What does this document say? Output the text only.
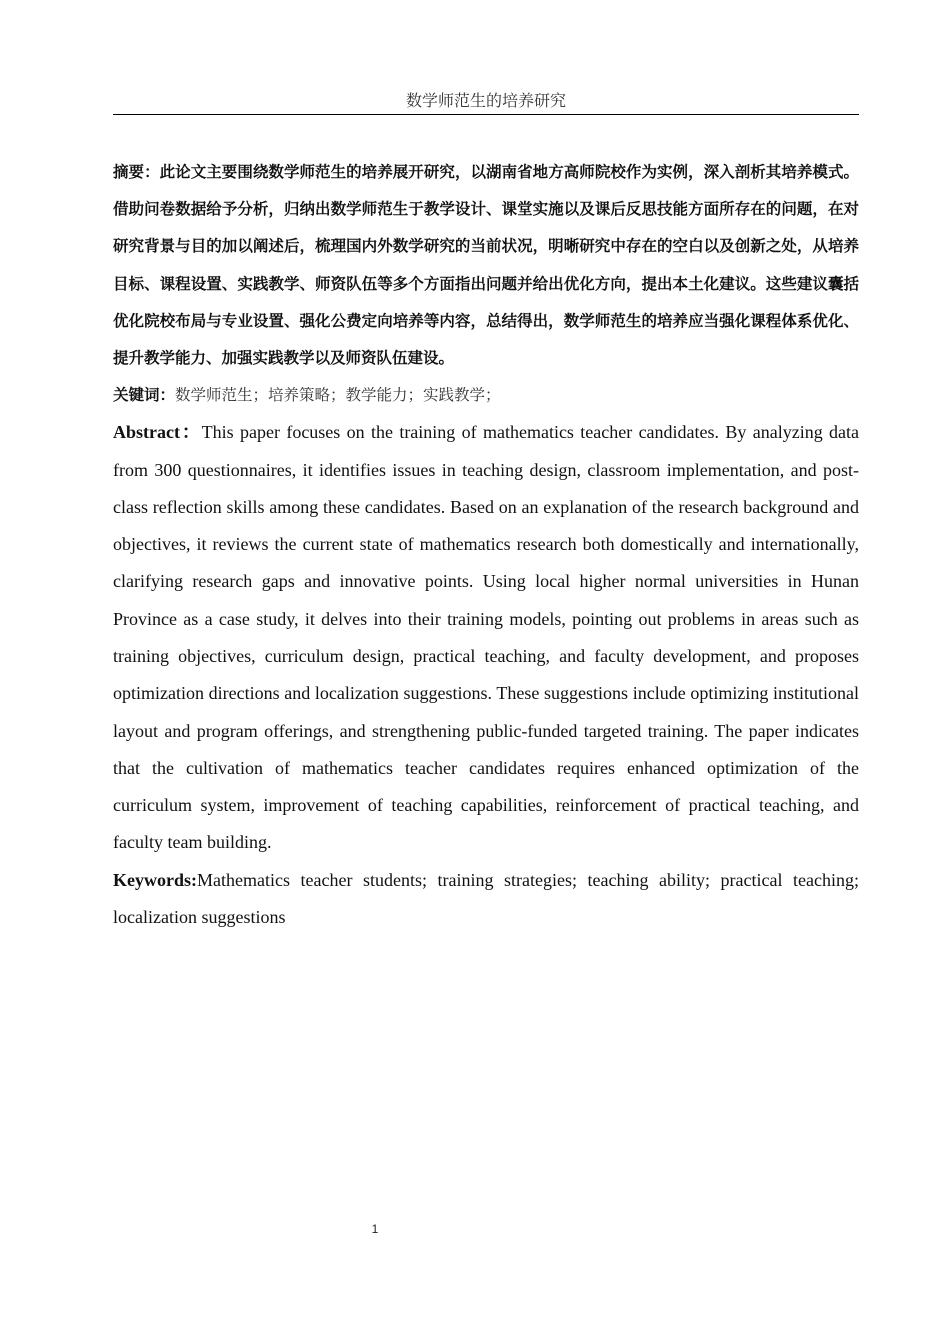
数学师范生的培养研究

摘要：此论文主要围绕数学师范生的培养展开研究，以湖南省地方高师院校作为实例，深入剖析其培养模式。借助问卷数据给予分析，归纳出数学师范生于教学设计、课堂实施以及课后反思技能方面所存在的问题，在对研究背景与目的加以阐述后，梳理国内外数学研究的当前状况，明晰研究中存在的空白以及创新之处，从培养目标、课程设置、实践教学、师资队伍等多个方面指出问题并给出优化方向，提出本土化建议。这些建议囊括优化院校布局与专业设置、强化公费定向培养等内容，总结得出，数学师范生的培养应当强化课程体系优化、提升教学能力、加强实践教学以及师资队伍建设。

关键词：数学师范生；培养策略；教学能力；实践教学；

Abstract：This paper focuses on the training of mathematics teacher candidates. By analyzing data from 300 questionnaires, it identifies issues in teaching design, classroom implementation, and post-class reflection skills among these candidates. Based on an explanation of the research background and objectives, it reviews the current state of mathematics research both domestically and internationally, clarifying research gaps and innovative points. Using local higher normal universities in Hunan Province as a case study, it delves into their training models, pointing out problems in areas such as training objectives, curriculum design, practical teaching, and faculty development, and proposes optimization directions and localization suggestions. These suggestions include optimizing institutional layout and program offerings, and strengthening public-funded targeted training. The paper indicates that the cultivation of mathematics teacher candidates requires enhanced optimization of the curriculum system, improvement of teaching capabilities, reinforcement of practical teaching, and faculty team building.

Keywords:Mathematics teacher students; training strategies; teaching ability; practical teaching; localization suggestions

1
